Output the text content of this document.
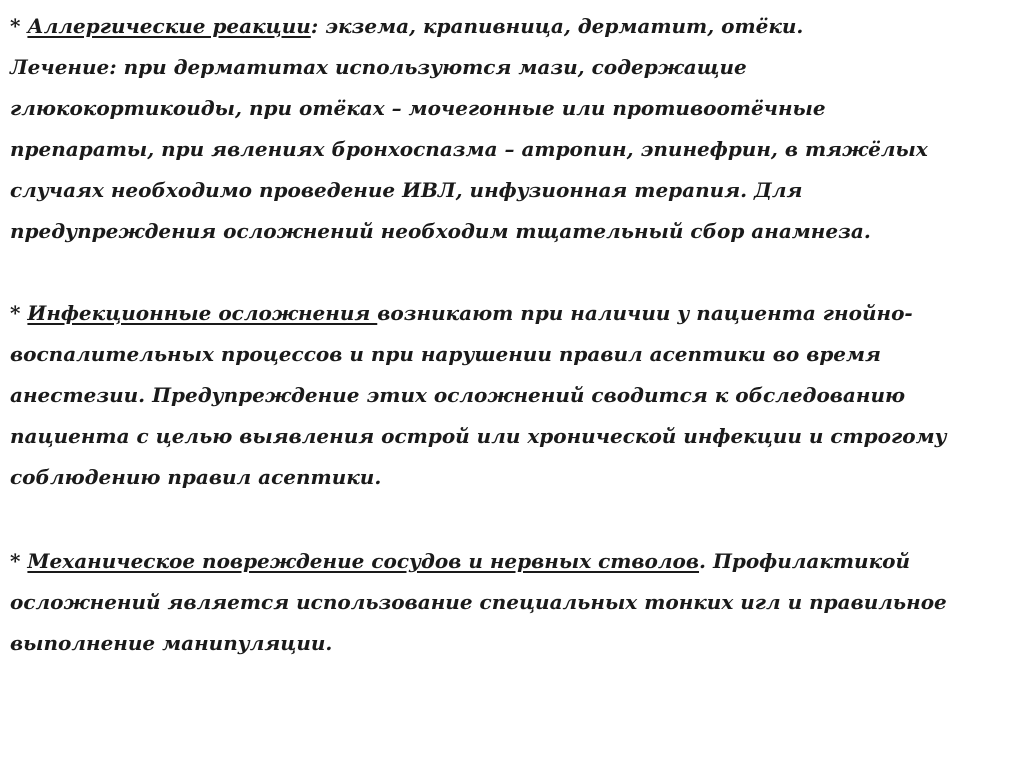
* Аллергические реакции: экзема, крапивница, дерматит, отёки.
Лечение: при дерматитах используются мази, содержащие
глюкокортикоиды, при отёках – мочегонные или противоотёчные
препараты, при явлениях бронхоспазма – атропин, эпинефрин, в тяжёлых
случаях необходимо проведение ИВЛ, инфузионная терапия. Для
предупреждения осложнений необходим тщательный сбор анамнеза.

* Инфекционные осложнения возникают при наличии у пациента гнойно-
воспалительных процессов и при нарушении правил асептики во время
анестезии. Предупреждение этих осложнений сводится к обследованию
пациента с целью выявления острой или хронической инфекции и строгому
соблюдению правил асептики.

* Механическое повреждение сосудов и нервных стволов. Профилактикой
осложнений является использование специальных тонких игл и правильное
выполнение манипуляции.
